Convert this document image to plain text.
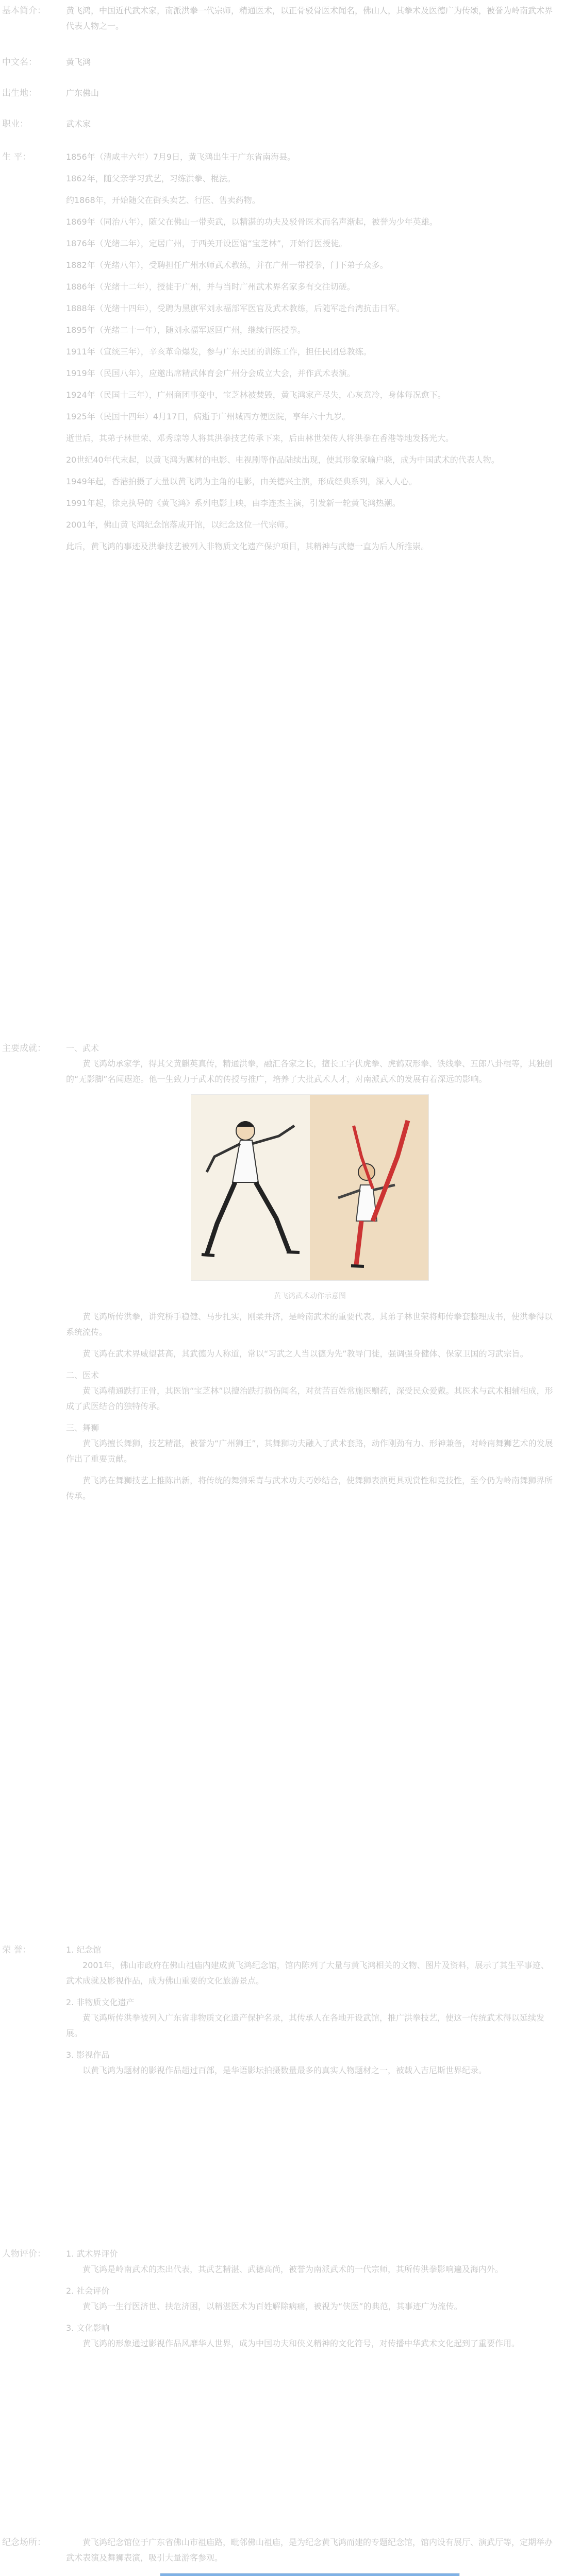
基本简介：	黄飞鸿，中国近代武术家，南派洪拳一代宗师，精通医术，以正骨驳骨医术闻名，佛山人，其拳术及医德广为传颂，被誉为岭南武术界代表人物之一。
中文名：	黄飞鸿
出生地：	广东佛山
职业：	武术家
生 平：	1856年（清咸丰六年）7月9日，黄飞鸿出生于广东省南海县。

1862年，随父亲学习武艺，习练洪拳、棍法。

约1868年，开始随父在街头卖艺、行医、售卖药物。

1869年（同治八年），随父在佛山一带卖武，以精湛的功夫及驳骨医术而名声渐起，被誉为少年英雄。

1876年（光绪二年），定居广州，于西关开设医馆“宝芝林”，开始行医授徒。

1882年（光绪八年），受聘担任广州水师武术教练，并在广州一带授拳，门下弟子众多。

1886年（光绪十二年），授徒于广州，并与当时广州武术界名家多有交往切磋。

1888年（光绪十四年），受聘为黑旗军刘永福部军医官及武术教练，后随军赴台湾抗击日军。

1895年（光绪二十一年），随刘永福军返回广州，继续行医授拳。

1911年（宣统三年），辛亥革命爆发，参与广东民团的训练工作，担任民团总教练。

1919年（民国八年），应邀出席精武体育会广州分会成立大会，并作武术表演。

1924年（民国十三年），广州商团事变中，宝芝林被焚毁，黄飞鸿家产尽失，心灰意冷，身体每况愈下。

1925年（民国十四年）4月17日，病逝于广州城西方便医院，享年六十九岁。

逝世后，其弟子林世荣、邓秀琼等人将其洪拳技艺传承下来，后由林世荣传人将洪拳在香港等地发扬光大。

20世纪40年代末起，以黄飞鸿为题材的电影、电视剧等作品陆续出现，使其形象家喻户晓，成为中国武术的代表人物。

1949年起，香港拍摄了大量以黄飞鸿为主角的电影，由关德兴主演，形成经典系列，深入人心。

1991年起，徐克执导的《黄飞鸿》系列电影上映，由李连杰主演，引发新一轮黄飞鸿热潮。

2001年，佛山黄飞鸿纪念馆落成开馆，以纪念这位一代宗师。

此后，黄飞鸿的事迹及洪拳技艺被列入非物质文化遗产保护项目，其精神与武德一直为后人所推崇。

主要成就：	一、武术

黄飞鸿幼承家学，得其父黄麒英真传，精通洪拳，融汇各家之长，擅长工字伏虎拳、虎鹤双形拳、铁线拳、五郎八卦棍等，其独创的“无影脚”名闻遐迩。他一生致力于武术的传授与推广，培养了大批武术人才，对南派武术的发展有着深远的影响。

黄飞鸿武术动作示意图

黄飞鸿所传洪拳，讲究桥手稳健、马步扎实，刚柔并济，是岭南武术的重要代表。其弟子林世荣将师传拳套整理成书，使洪拳得以系统流传。

黄飞鸿在武术界威望甚高，其武德为人称道，常以“习武之人当以德为先”教导门徒，强调强身健体、保家卫国的习武宗旨。

二、医术

黄飞鸿精通跌打正骨，其医馆“宝芝林”以擅治跌打损伤闻名，对贫苦百姓常施医赠药，深受民众爱戴。其医术与武术相辅相成，形成了武医结合的独特传承。

三、舞狮

黄飞鸿擅长舞狮，技艺精湛，被誉为“广州狮王”，其舞狮功夫融入了武术套路，动作刚劲有力、形神兼备，对岭南舞狮艺术的发展作出了重要贡献。

黄飞鸿在舞狮技艺上推陈出新，将传统的舞狮采青与武术功夫巧妙结合，使舞狮表演更具观赏性和竞技性，至今仍为岭南舞狮界所传承。

荣 誉：	1. 纪念馆

2001年，佛山市政府在佛山祖庙内建成黄飞鸿纪念馆，馆内陈列了大量与黄飞鸿相关的文物、图片及资料，展示了其生平事迹、武术成就及影视作品，成为佛山重要的文化旅游景点。

2. 非物质文化遗产

黄飞鸿所传洪拳被列入广东省非物质文化遗产保护名录，其传承人在各地开设武馆，推广洪拳技艺，使这一传统武术得以延续发展。

3. 影视作品

以黄飞鸿为题材的影视作品超过百部，是华语影坛拍摄数量最多的真实人物题材之一，被载入吉尼斯世界纪录。

人物评价：	1. 武术界评价

黄飞鸿是岭南武术的杰出代表，其武艺精湛、武德高尚，被誉为南派武术的一代宗师，其所传洪拳影响遍及海内外。

2. 社会评价

黄飞鸿一生行医济世、扶危济困，以精湛医术为百姓解除病痛，被视为“侠医”的典范，其事迹广为流传。

3. 文化影响

黄飞鸿的形象通过影视作品风靡华人世界，成为中国功夫和侠义精神的文化符号，对传播中华武术文化起到了重要作用。

纪念场所：	黄飞鸿纪念馆位于广东省佛山市祖庙路，毗邻佛山祖庙，是为纪念黄飞鸿而建的专题纪念馆，馆内设有展厅、演武厅等，定期举办武术表演及舞狮表演，吸引大量游客参观。
